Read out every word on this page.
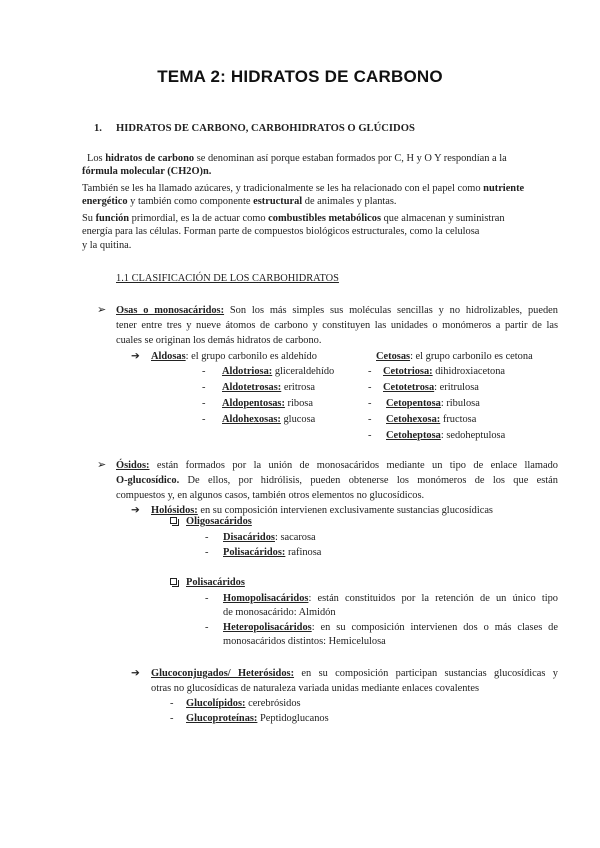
TEMA 2: HIDRATOS DE CARBONO
1. HIDRATOS DE CARBONO, CARBOHIDRATOS O GLÚCIDOS
Los hidratos de carbono se denominan así porque estaban formados por C, H y O Y respondían a la
fórmula molecular (CH2O)n.
También se les ha llamado azúcares, y tradicionalmente se les ha relacionado con el papel como nutriente
energético y también como componente estructural de animales y plantas.
Su función primordial, es la de actuar como combustibles metabólicos que almacenan y suministran
energía para las células. Forman parte de compuestos biológicos estructurales, como la celulosa
y la quitina.
1.1 CLASIFICACIÓN DE LOS CARBOHIDRATOS
➢ Osas o monosacáridos: Son los más simples sus moléculas sencillas y no hidrolizables, pueden
tener entre tres y nueve átomos de carbono y constituyen las unidades o monómeros a partir de las
cuales se originan los demás hidratos de carbono.
➔ Aldosas: el grupo carbonilo es aldehído	Cetosas: el grupo carbonilo es cetona
- Aldotriosa: gliceraldehído
- Aldotetrosas: eritrosa
- Aldopentosas: ribosa
- Aldohexosas: glucosa
- Cetotriosa: dihidroxiacetona
- Cetotetrosa: eritrulosa
- Cetopentosa: ribulosa
- Cetohexosa: fructosa
- Cetoheptosa: sedoheptulosa
➢ Ósidos: están formados por la unión de monosacáridos mediante un tipo de enlace llamado
O-glucosídico. De ellos, por hidrólisis, pueden obtenerse los monómeros de los que están
compuestos y, en algunos casos, también otros elementos no glucosídicos.
➔ Holósidos: en su composición intervienen exclusivamente sustancias glucosídicas
Oligosacáridos
- Disacáridos: sacarosa
- Polisacáridos: rafinosa
Polisacáridos
- Homopolisacáridos: están constituidos por la retención de un único tipo
de monosacárido: Almidón
- Heteropolisacáridos: en su composición intervienen dos o más clases de
monosacáridos distintos: Hemicelulosa
➔ Glucoconjugados/ Heterósidos: en su composición participan sustancias glucosídicas y
otras no glucosídicas de naturaleza variada unidas mediante enlaces covalentes
- Glucolípidos: cerebrósidos
- Glucoproteínas: Peptidoglucanos
